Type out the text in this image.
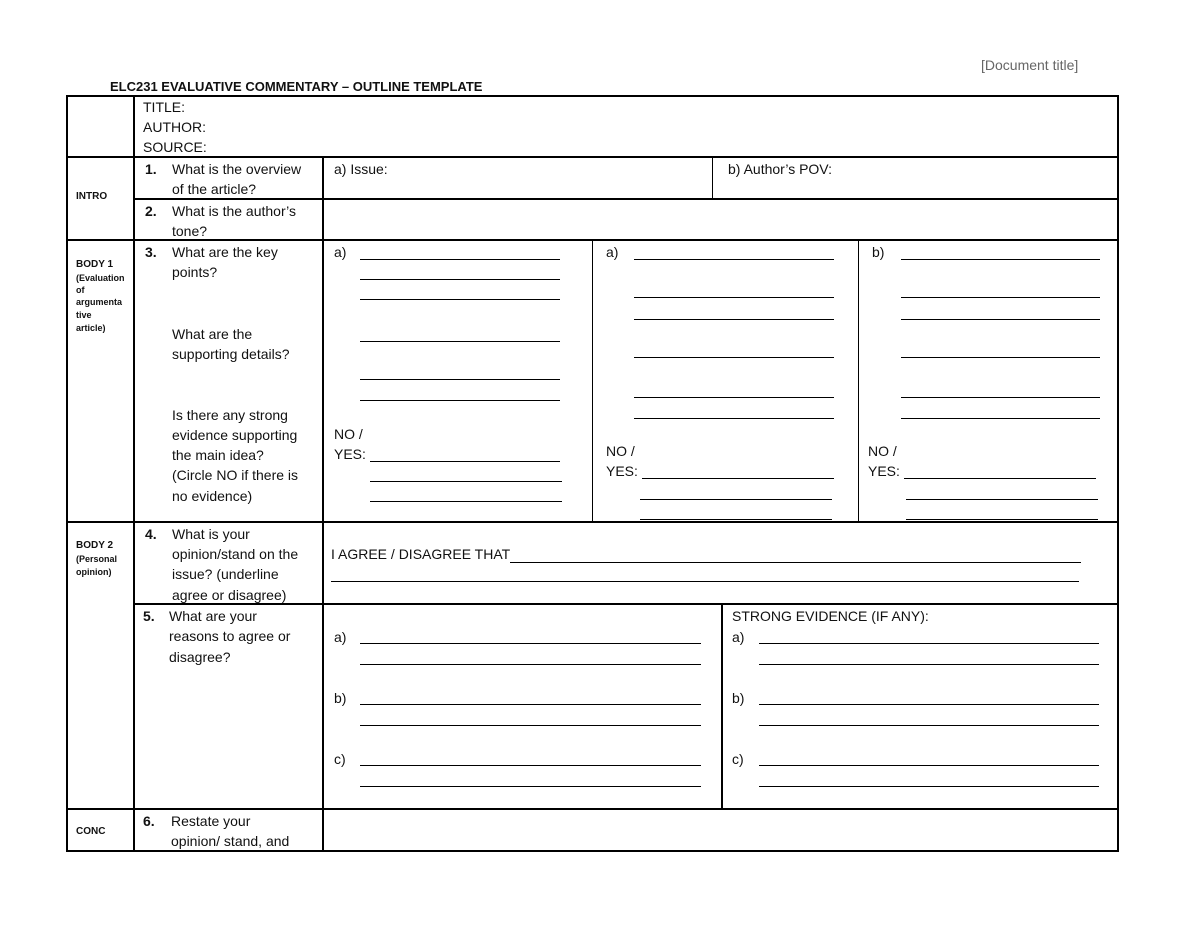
[Document title]
ELC231 EVALUATIVE COMMENTARY – OUTLINE TEMPLATE
TITLE:
AUTHOR:
SOURCE:
INTRO
BODY 1
(Evaluation
of
argumenta
tive
article)
BODY 2
(Personal
opinion)
CONC
1. What is the overview
of the article?
a) Issue:	b) Author’s POV:
2. What is the author’s
tone?
3. What are the key
points?
What are the
supporting details?
Is there any strong
evidence supporting
the main idea?
(Circle NO if there is
no evidence)
a)
NO /
YES:
a)
NO /
YES:
b)
NO /
YES:
4. What is your
opinion/stand on the
issue? (underline
agree or disagree)
I AGREE / DISAGREE THAT
5. What are your
reasons to agree or
disagree?
a)
b)
c)
STRONG EVIDENCE (IF ANY):
a)
b)
c)
6. Restate your
opinion/ stand, and
